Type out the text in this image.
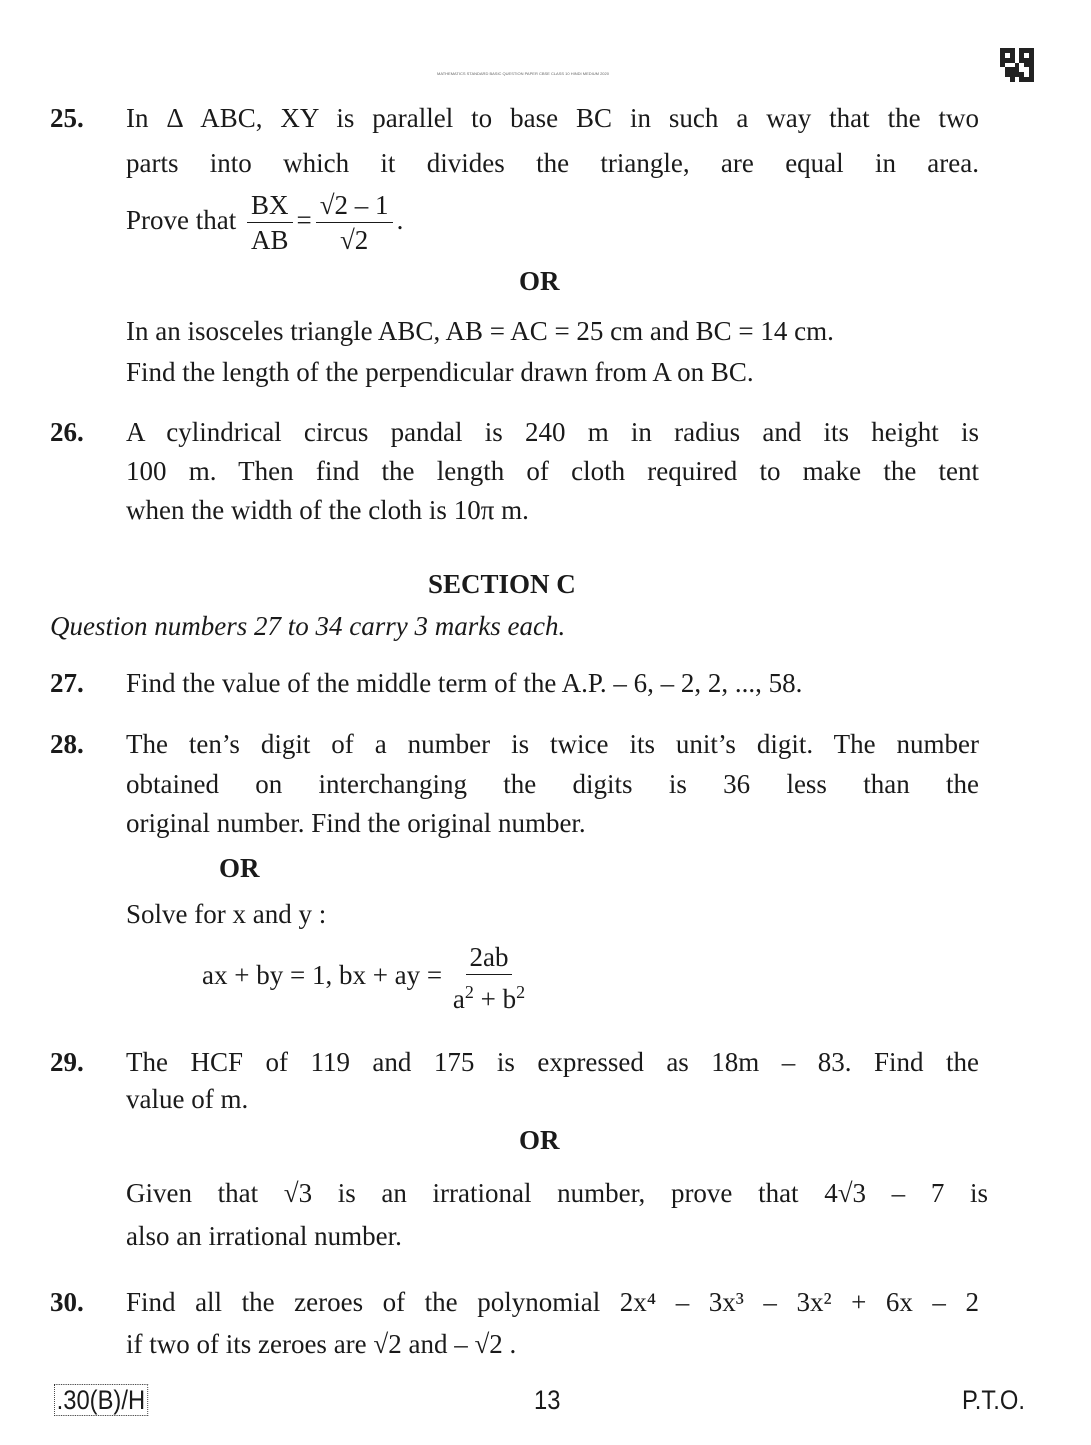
MATHEMATICS STANDARD BASIC QUESTION PAPER CBSE CLASS 10 HINDI MEDIUM 2020
25. In Δ ABC, XY is parallel to base BC in such a way that the two
parts into which it divides the triangle, are equal in area.
Prove that $\frac{BX}{AB} = \frac{√2 - 1}{√2}$ .
OR
In an isosceles triangle ABC, AB = AC = 25 cm and BC = 14 cm.
Find the length of the perpendicular drawn from A on BC.
26. A cylindrical circus pandal is 240 m in radius and its height is
100 m. Then find the length of cloth required to make the tent
when the width of the cloth is 10π m.
SECTION C
Question numbers 27 to 34 carry 3 marks each.
27. Find the value of the middle term of the A.P. – 6, – 2, 2, ..., 58.
28. The ten’s digit of a number is twice its unit’s digit. The number
obtained on interchanging the digits is 36 less than the
original number. Find the original number.
OR
Solve for x and y :
ax + by = 1, bx + ay = $\frac{2ab}{a^2 + b^2}$
29. The HCF of 119 and 175 is expressed as 18m – 83. Find the
value of m.
OR
Given that √3 is an irrational number, prove that 4√3 – 7 is
also an irrational number.
30. Find all the zeroes of the polynomial 2x⁴ – 3x³ – 3x² + 6x – 2
if two of its zeroes are √2 and – √2 .
.30(B)/H	13	P.T.O.
